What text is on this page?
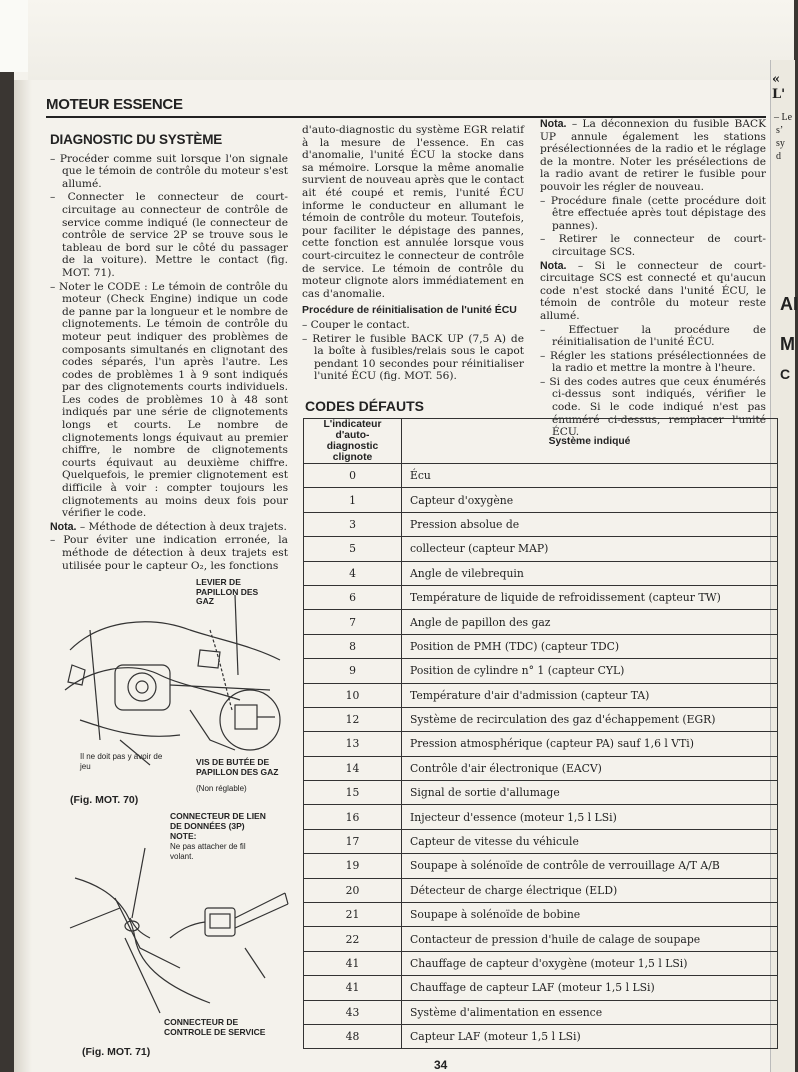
« L'
– Le
s’
sy
d
AI
M
C
MOTEUR ESSENCE
DIAGNOSTIC DU SYSTÈME

– Procéder comme suit lorsque l'on signale que le témoin de contrôle du moteur s'est allumé.

– Connecter le connecteur de court-circuitage au connecteur de contrôle de service comme indiqué (le connecteur de contrôle de service 2P se trouve sous le tableau de bord sur le côté du passager de la voiture). Mettre le contact (fig. MOT. 71).

– Noter le CODE : Le témoin de contrôle du moteur (Check Engine) indique un code de panne par la longueur et le nombre de clignotements. Le témoin de contrôle du moteur peut indiquer des problèmes de composants simultanés en clignotant des codes séparés, l'un après l'autre. Les codes de problèmes 1 à 9 sont indiqués par des clignotements courts individuels. Les codes de problèmes 10 à 48 sont indiqués par une série de clignotements longs et courts. Le nombre de clignotements longs équivaut au premier chiffre, le nombre de clignotements courts équivaut au deuxième chiffre. Quelquefois, le premier clignotement est difficile à voir : compter toujours les clignotements au moins deux fois pour vérifier le code.

Nota. – Méthode de détection à deux trajets.

– Pour éviter une indication erronée, la méthode de détection à deux trajets est utilisée pour le capteur O₂, les fonctions

d'auto-diagnostic du système EGR relatif à la mesure de l'essence. En cas d'anomalie, l'unité ÉCU la stocke dans sa mémoire. Lorsque la même anomalie survient de nouveau après que le contact ait été coupé et remis, l'unité ÉCU informe le conducteur en allumant le témoin de contrôle du moteur. Toutefois, pour faciliter le dépistage des pannes, cette fonction est annulée lorsque vous court-circuitez le connecteur de contrôle de service. Le témoin de contrôle du moteur clignote alors immédiatement en cas d'anomalie.

Procédure de réinitialisation de l'unité ÉCU

– Couper le contact.

– Retirer le fusible BACK UP (7,5 A) de la boîte à fusibles/relais sous le capot pendant 10 secondes pour réinitialiser l'unité ÉCU (fig. MOT. 56).

Nota. – La déconnexion du fusible BACK UP annule également les stations présélectionnées de la radio et le réglage de la montre. Noter les présélections de la radio avant de retirer le fusible pour pouvoir les régler de nouveau.

– Procédure finale (cette procédure doit être effectuée après tout dépistage des pannes).

– Retirer le connecteur de court-circuitage SCS.

Nota. – Si le connecteur de court-circuitage SCS est connecté et qu'aucun code n'est stocké dans l'unité ÉCU, le témoin de contrôle du moteur reste allumé.

– Effectuer la procédure de réinitialisation de l'unité ÉCU.

– Régler les stations présélectionnées de la radio et mettre la montre à l'heure.

– Si des codes autres que ceux énumérés ci-dessus sont indiqués, vérifier le code. Si le code indiqué n'est pas énuméré ci-dessus, remplacer l'unité ÉCU.

CODES DÉFAUTS
L'indicateur d'auto-diagnostic clignote	Système indiqué
0	Écu
1	Capteur d'oxygène
3	Pression absolue de
5	collecteur (capteur MAP)
4	Angle de vilebrequin
6	Température de liquide de refroidissement (capteur TW)
7	Angle de papillon des gaz
8	Position de PMH (TDC) (capteur TDC)
9	Position de cylindre n° 1 (capteur CYL)
10	Température d'air d'admission (capteur TA)
12	Système de recirculation des gaz d'échappement (EGR)
13	Pression atmosphérique (capteur PA) sauf 1,6 l VTi)
14	Contrôle d'air électronique (EACV)
15	Signal de sortie d'allumage
16	Injecteur d'essence (moteur 1,5 l LSi)
17	Capteur de vitesse du véhicule
19	Soupape à solénoïde de contrôle de verrouillage A/T A/B
20	Détecteur de charge électrique (ELD)
21	Soupape à solénoïde de bobine
22	Contacteur de pression d'huile de calage de soupape
41	Chauffage de capteur d'oxygène (moteur 1,5 l LSi)
41	Chauffage de capteur LAF (moteur 1,5 l LSi)
43	Système d'alimentation en essence
48	Capteur LAF (moteur 1,5 l LSi)
LEVIER DE PAPILLON DES GAZ
Il ne doit pas y avoir de jeu	VIS DE BUTÉE DE PAPILLON DES GAZ
(Non réglable)
(Fig. MOT. 70)
CONNECTEUR DE LIEN DE DONNÉES (3P)
NOTE:
Ne pas attacher de fil volant.
CONNECTEUR DE CONTROLE DE SERVICE
(Fig. MOT. 71)
34
